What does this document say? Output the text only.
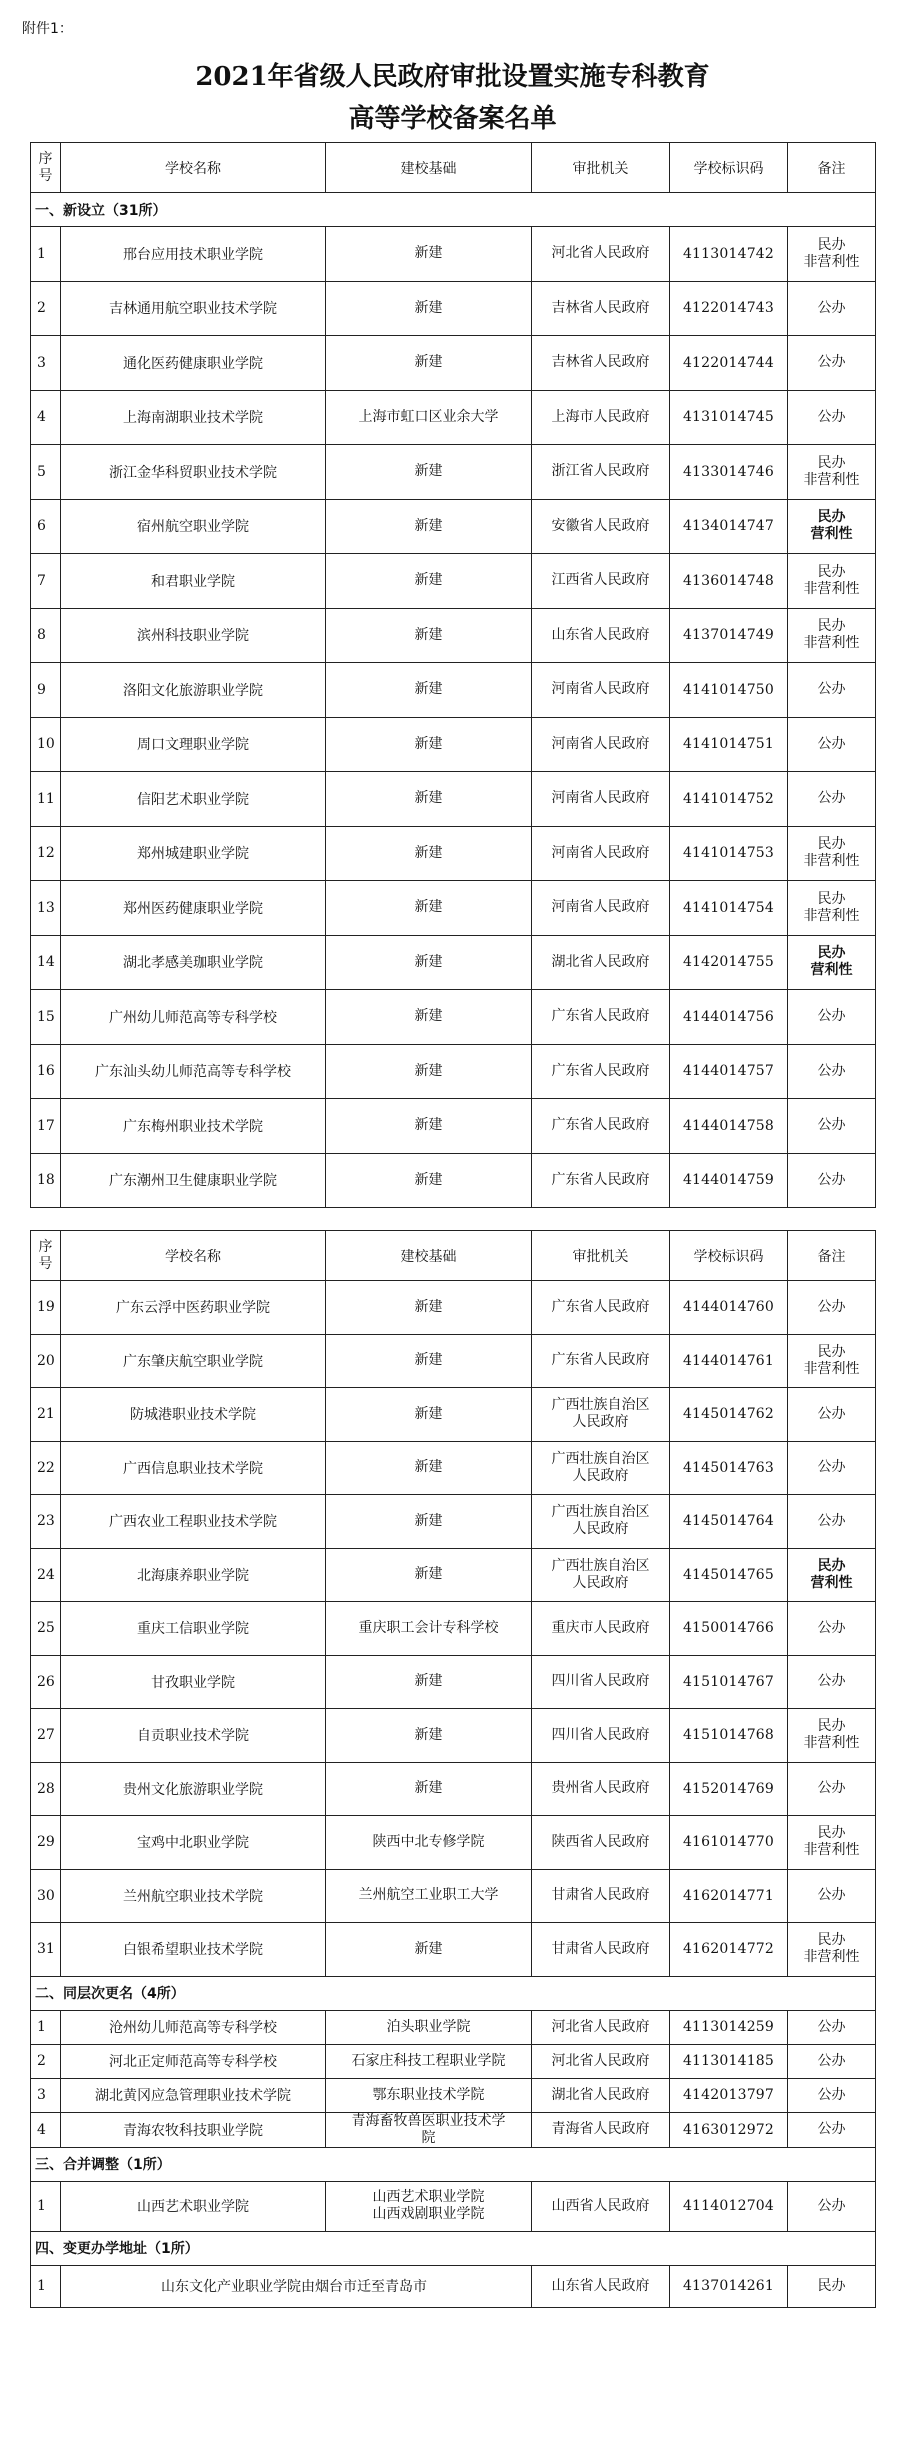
附件1：
2021年省级人民政府审批设置实施专科教育
高等学校备案名单
序号	学校名称	建校基础	审批机关	学校标识码	备注
一、新设立（31所）					
1	邢台应用技术职业学院	新建	河北省人民政府	4113014742	民办
非营利性
2	吉林通用航空职业技术学院	新建	吉林省人民政府	4122014743	公办
3	通化医药健康职业学院	新建	吉林省人民政府	4122014744	公办
4	上海南湖职业技术学院	上海市虹口区业余大学	上海市人民政府	4131014745	公办
5	浙江金华科贸职业技术学院	新建	浙江省人民政府	4133014746	民办
非营利性
6	宿州航空职业学院	新建	安徽省人民政府	4134014747	民办
营利性
7	和君职业学院	新建	江西省人民政府	4136014748	民办
非营利性
8	滨州科技职业学院	新建	山东省人民政府	4137014749	民办
非营利性
9	洛阳文化旅游职业学院	新建	河南省人民政府	4141014750	公办
10	周口文理职业学院	新建	河南省人民政府	4141014751	公办
11	信阳艺术职业学院	新建	河南省人民政府	4141014752	公办
12	郑州城建职业学院	新建	河南省人民政府	4141014753	民办
非营利性
13	郑州医药健康职业学院	新建	河南省人民政府	4141014754	民办
非营利性
14	湖北孝感美珈职业学院	新建	湖北省人民政府	4142014755	民办
营利性
15	广州幼儿师范高等专科学校	新建	广东省人民政府	4144014756	公办
16	广东汕头幼儿师范高等专科学校	新建	广东省人民政府	4144014757	公办
17	广东梅州职业技术学院	新建	广东省人民政府	4144014758	公办
18	广东潮州卫生健康职业学院	新建	广东省人民政府	4144014759	公办
序号	学校名称	建校基础	审批机关	学校标识码	备注
19	广东云浮中医药职业学院	新建	广东省人民政府	4144014760	公办
20	广东肇庆航空职业学院	新建	广东省人民政府	4144014761	民办
非营利性
21	防城港职业技术学院	新建	广西壮族自治区
人民政府	4145014762	公办
22	广西信息职业技术学院	新建	广西壮族自治区
人民政府	4145014763	公办
23	广西农业工程职业技术学院	新建	广西壮族自治区
人民政府	4145014764	公办
24	北海康养职业学院	新建	广西壮族自治区
人民政府	4145014765	民办
营利性
25	重庆工信职业学院	重庆职工会计专科学校	重庆市人民政府	4150014766	公办
26	甘孜职业学院	新建	四川省人民政府	4151014767	公办
27	自贡职业技术学院	新建	四川省人民政府	4151014768	民办
非营利性
28	贵州文化旅游职业学院	新建	贵州省人民政府	4152014769	公办
29	宝鸡中北职业学院	陕西中北专修学院	陕西省人民政府	4161014770	民办
非营利性
30	兰州航空职业技术学院	兰州航空工业职工大学	甘肃省人民政府	4162014771	公办
31	白银希望职业技术学院	新建	甘肃省人民政府	4162014772	民办
非营利性
二、同层次更名（4所）					
1	沧州幼儿师范高等专科学校	泊头职业学院	河北省人民政府	4113014259	公办
2	河北正定师范高等专科学校	石家庄科技工程职业学院	河北省人民政府	4113014185	公办
3	湖北黄冈应急管理职业技术学院	鄂东职业技术学院	湖北省人民政府	4142013797	公办
4	青海农牧科技职业学院	青海畜牧兽医职业技术学
院	青海省人民政府	4163012972	公办
三、合并调整（1所）					
1	山西艺术职业学院	山西艺术职业学院
山西戏剧职业学院	山西省人民政府	4114012704	公办
四、变更办学地址（1所）					
1	山东文化产业职业学院由烟台市迁至青岛市		山东省人民政府	4137014261	民办
